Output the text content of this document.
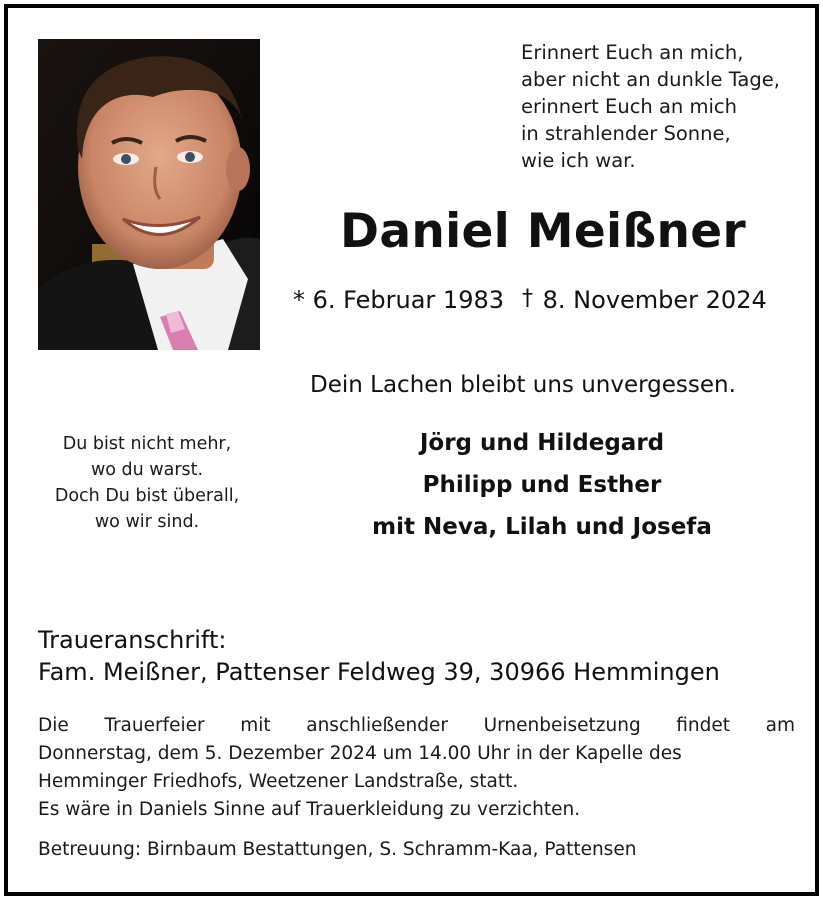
Erinnert Euch an mich,
aber nicht an dunkle Tage,
erinnert Euch an mich
in strahlender Sonne,
wie ich war.
Daniel Meißner
* 6. Februar 1983 † 8. November 2024
Dein Lachen bleibt uns unvergessen.
Du bist nicht mehr,
wo du warst.
Doch Du bist überall,
wo wir sind.
Jörg und Hildegard
Philipp und Esther
mit Neva, Lilah und Josefa
Traueranschrift:
Fam. Meißner, Pattenser Feldweg 39, 30966 Hemmingen
Die Trauerfeier mit anschließender Urnenbeisetzung findet am
Donnerstag, dem 5. Dezember 2024 um 14.00 Uhr in der Kapelle des
Hemminger Friedhofs, Weetzener Landstraße, statt.
Es wäre in Daniels Sinne auf Trauerkleidung zu verzichten.
Betreuung: Birnbaum Bestattungen, S. Schramm-Kaa, Pattensen
